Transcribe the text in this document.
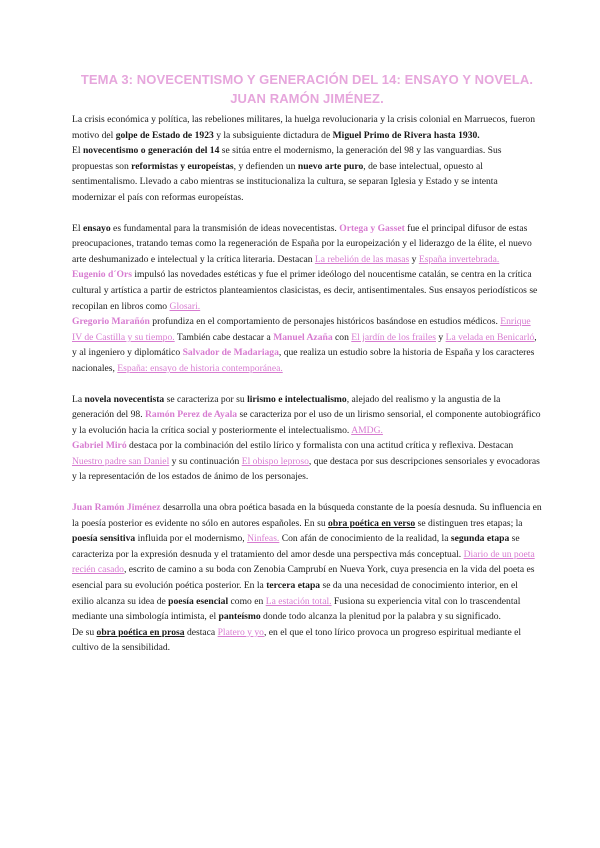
TEMA 3: NOVECENTISMO Y GENERACIÓN DEL 14: ENSAYO Y NOVELA. JUAN RAMÓN JIMÉNEZ.

La crisis económica y política, las rebeliones militares, la huelga revolucionaria y la crisis colonial en Marruecos, fueron motivo del golpe de Estado de 1923 y la subsiguiente dictadura de Miguel Primo de Rivera hasta 1930.

El novecentismo o generación del 14 se sitúa entre el modernismo, la generación del 98 y las vanguardias. Sus propuestas son reformistas y europeístas, y defienden un nuevo arte puro, de base intelectual, opuesto al sentimentalismo. Llevado a cabo mientras se institucionaliza la cultura, se separan Iglesia y Estado y se intenta modernizar el país con reformas europeístas.

El ensayo es fundamental para la transmisión de ideas novecentistas. Ortega y Gasset fue el principal difusor de estas preocupaciones, tratando temas como la regeneración de España por la europeización y el liderazgo de la élite, el nuevo arte deshumanizado e intelectual y la crítica literaria. Destacan La rebelión de las masas y España invertebrada.

Eugenio d´Ors impulsó las novedades estéticas y fue el primer ideólogo del noucentisme catalán, se centra en la crítica cultural y artística a partir de estrictos planteamientos clasicistas, es decir, antisentimentales. Sus ensayos periodísticos se recopilan en libros como Glosari.

Gregorio Marañón profundiza en el comportamiento de personajes históricos basándose en estudios médicos. Enrique IV de Castilla y su tiempo. También cabe destacar a Manuel Azaña con El jardín de los frailes y La velada en Benicarló, y al ingeniero y diplomático Salvador de Madariaga, que realiza un estudio sobre la historia de España y los caracteres nacionales, España: ensayo de historia contemporánea.

La novela novecentista se caracteriza por su lirismo e intelectualismo, alejado del realismo y la angustia de la generación del 98. Ramón Perez de Ayala se caracteriza por el uso de un lirismo sensorial, el componente autobiográfico y la evolución hacia la crítica social y posteriormente el intelectualismo. AMDG.

Gabriel Miró destaca por la combinación del estilo lírico y formalista con una actitud crítica y reflexiva. Destacan Nuestro padre san Daniel y su continuación El obispo leproso, que destaca por sus descripciones sensoriales y evocadoras y la representación de los estados de ánimo de los personajes.

Juan Ramón Jiménez desarrolla una obra poética basada en la búsqueda constante de la poesía desnuda. Su influencia en la poesía posterior es evidente no sólo en autores españoles. En su obra poética en verso se distinguen tres etapas; la poesía sensitiva influida por el modernismo, Ninfeas. Con afán de conocimiento de la realidad, la segunda etapa se caracteriza por la expresión desnuda y el tratamiento del amor desde una perspectiva más conceptual. Diario de un poeta recién casado, escrito de camino a su boda con Zenobia Camprubí en Nueva York, cuya presencia en la vida del poeta es esencial para su evolución poética posterior. En la tercera etapa se da una necesidad de conocimiento interior, en el exilio alcanza su idea de poesía esencial como en La estación total. Fusiona su experiencia vital con lo trascendental mediante una simbología intimista, el panteísmo donde todo alcanza la plenitud por la palabra y su significado.

De su obra poética en prosa destaca Platero y yo, en el que el tono lírico provoca un progreso espiritual mediante el cultivo de la sensibilidad.
